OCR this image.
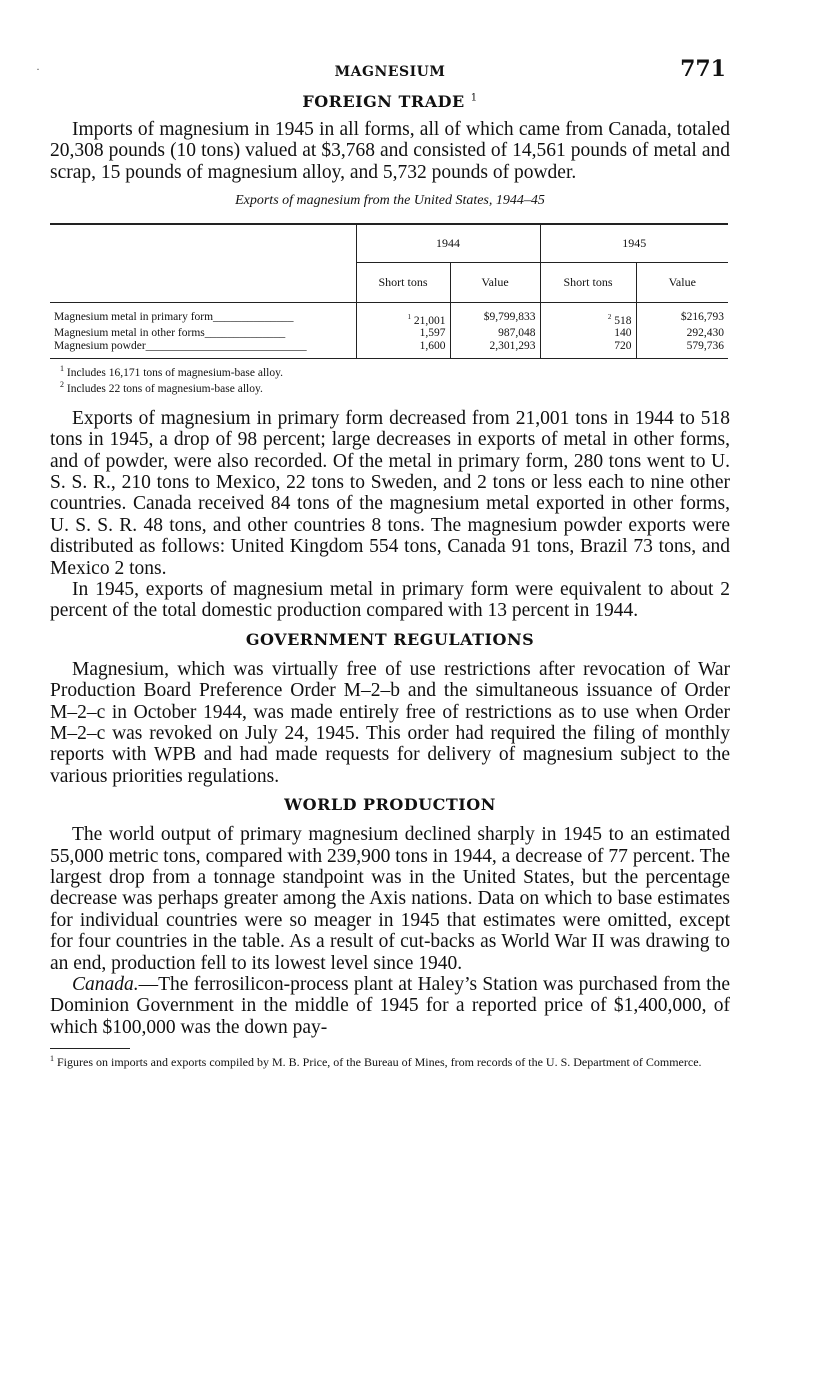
·	MAGNESIUM	771
FOREIGN TRADE $^1$

Imports of magnesium in 1945 in all forms, all of which came from Canada, totaled 20,308 pounds (10 tons) valued at $3,768 and consisted of 14,561 pounds of metal and scrap, 15 pounds of magnesium alloy, and 5,732 pounds of powder.

Exports of magnesium from the United States, 1944–45
	1944		1945	
	Short tons	Value	Short tons	Value
Magnesium metal in primary form______________	$^1$ 21,001	$9,799,833	$^2$ 518	$216,793
Magnesium metal in other forms______________	1,597	987,048	140	292,430
Magnesium powder____________________________	1,600	2,301,293	720	579,736
$^1$ Includes 16,171 tons of magnesium-base alloy.
$^2$ Includes 22 tons of magnesium-base alloy.

Exports of magnesium in primary form decreased from 21,001 tons in 1944 to 518 tons in 1945, a drop of 98 percent; large decreases in exports of metal in other forms, and of powder, were also recorded. Of the metal in primary form, 280 tons went to U. S. S. R., 210 tons to Mexico, 22 tons to Sweden, and 2 tons or less each to nine other countries. Canada received 84 tons of the magnesium metal exported in other forms, U. S. S. R. 48 tons, and other countries 8 tons. The magnesium powder exports were distributed as follows: United Kingdom 554 tons, Canada 91 tons, Brazil 73 tons, and Mexico 2 tons.

In 1945, exports of magnesium metal in primary form were equivalent to about 2 percent of the total domestic production compared with 13 percent in 1944.

GOVERNMENT REGULATIONS

Magnesium, which was virtually free of use restrictions after revocation of War Production Board Preference Order M–2–b and the simultaneous issuance of Order M–2–c in October 1944, was made entirely free of restrictions as to use when Order M–2–c was revoked on July 24, 1945. This order had required the filing of monthly reports with WPB and had made requests for delivery of magnesium subject to the various priorities regulations.

WORLD PRODUCTION

The world output of primary magnesium declined sharply in 1945 to an estimated 55,000 metric tons, compared with 239,900 tons in 1944, a decrease of 77 percent. The largest drop from a tonnage standpoint was in the United States, but the percentage decrease was perhaps greater among the Axis nations. Data on which to base estimates for individual countries were so meager in 1945 that estimates were omitted, except for four countries in the table. As a result of cut-backs as World War II was drawing to an end, production fell to its lowest level since 1940.

Canada.—The ferrosilicon-process plant at Haley’s Station was purchased from the Dominion Government in the middle of 1945 for a reported price of $1,400,000, of which $100,000 was the down pay-

$^1$ Figures on imports and exports compiled by M. B. Price, of the Bureau of Mines, from records of the U. S. Department of Commerce.
